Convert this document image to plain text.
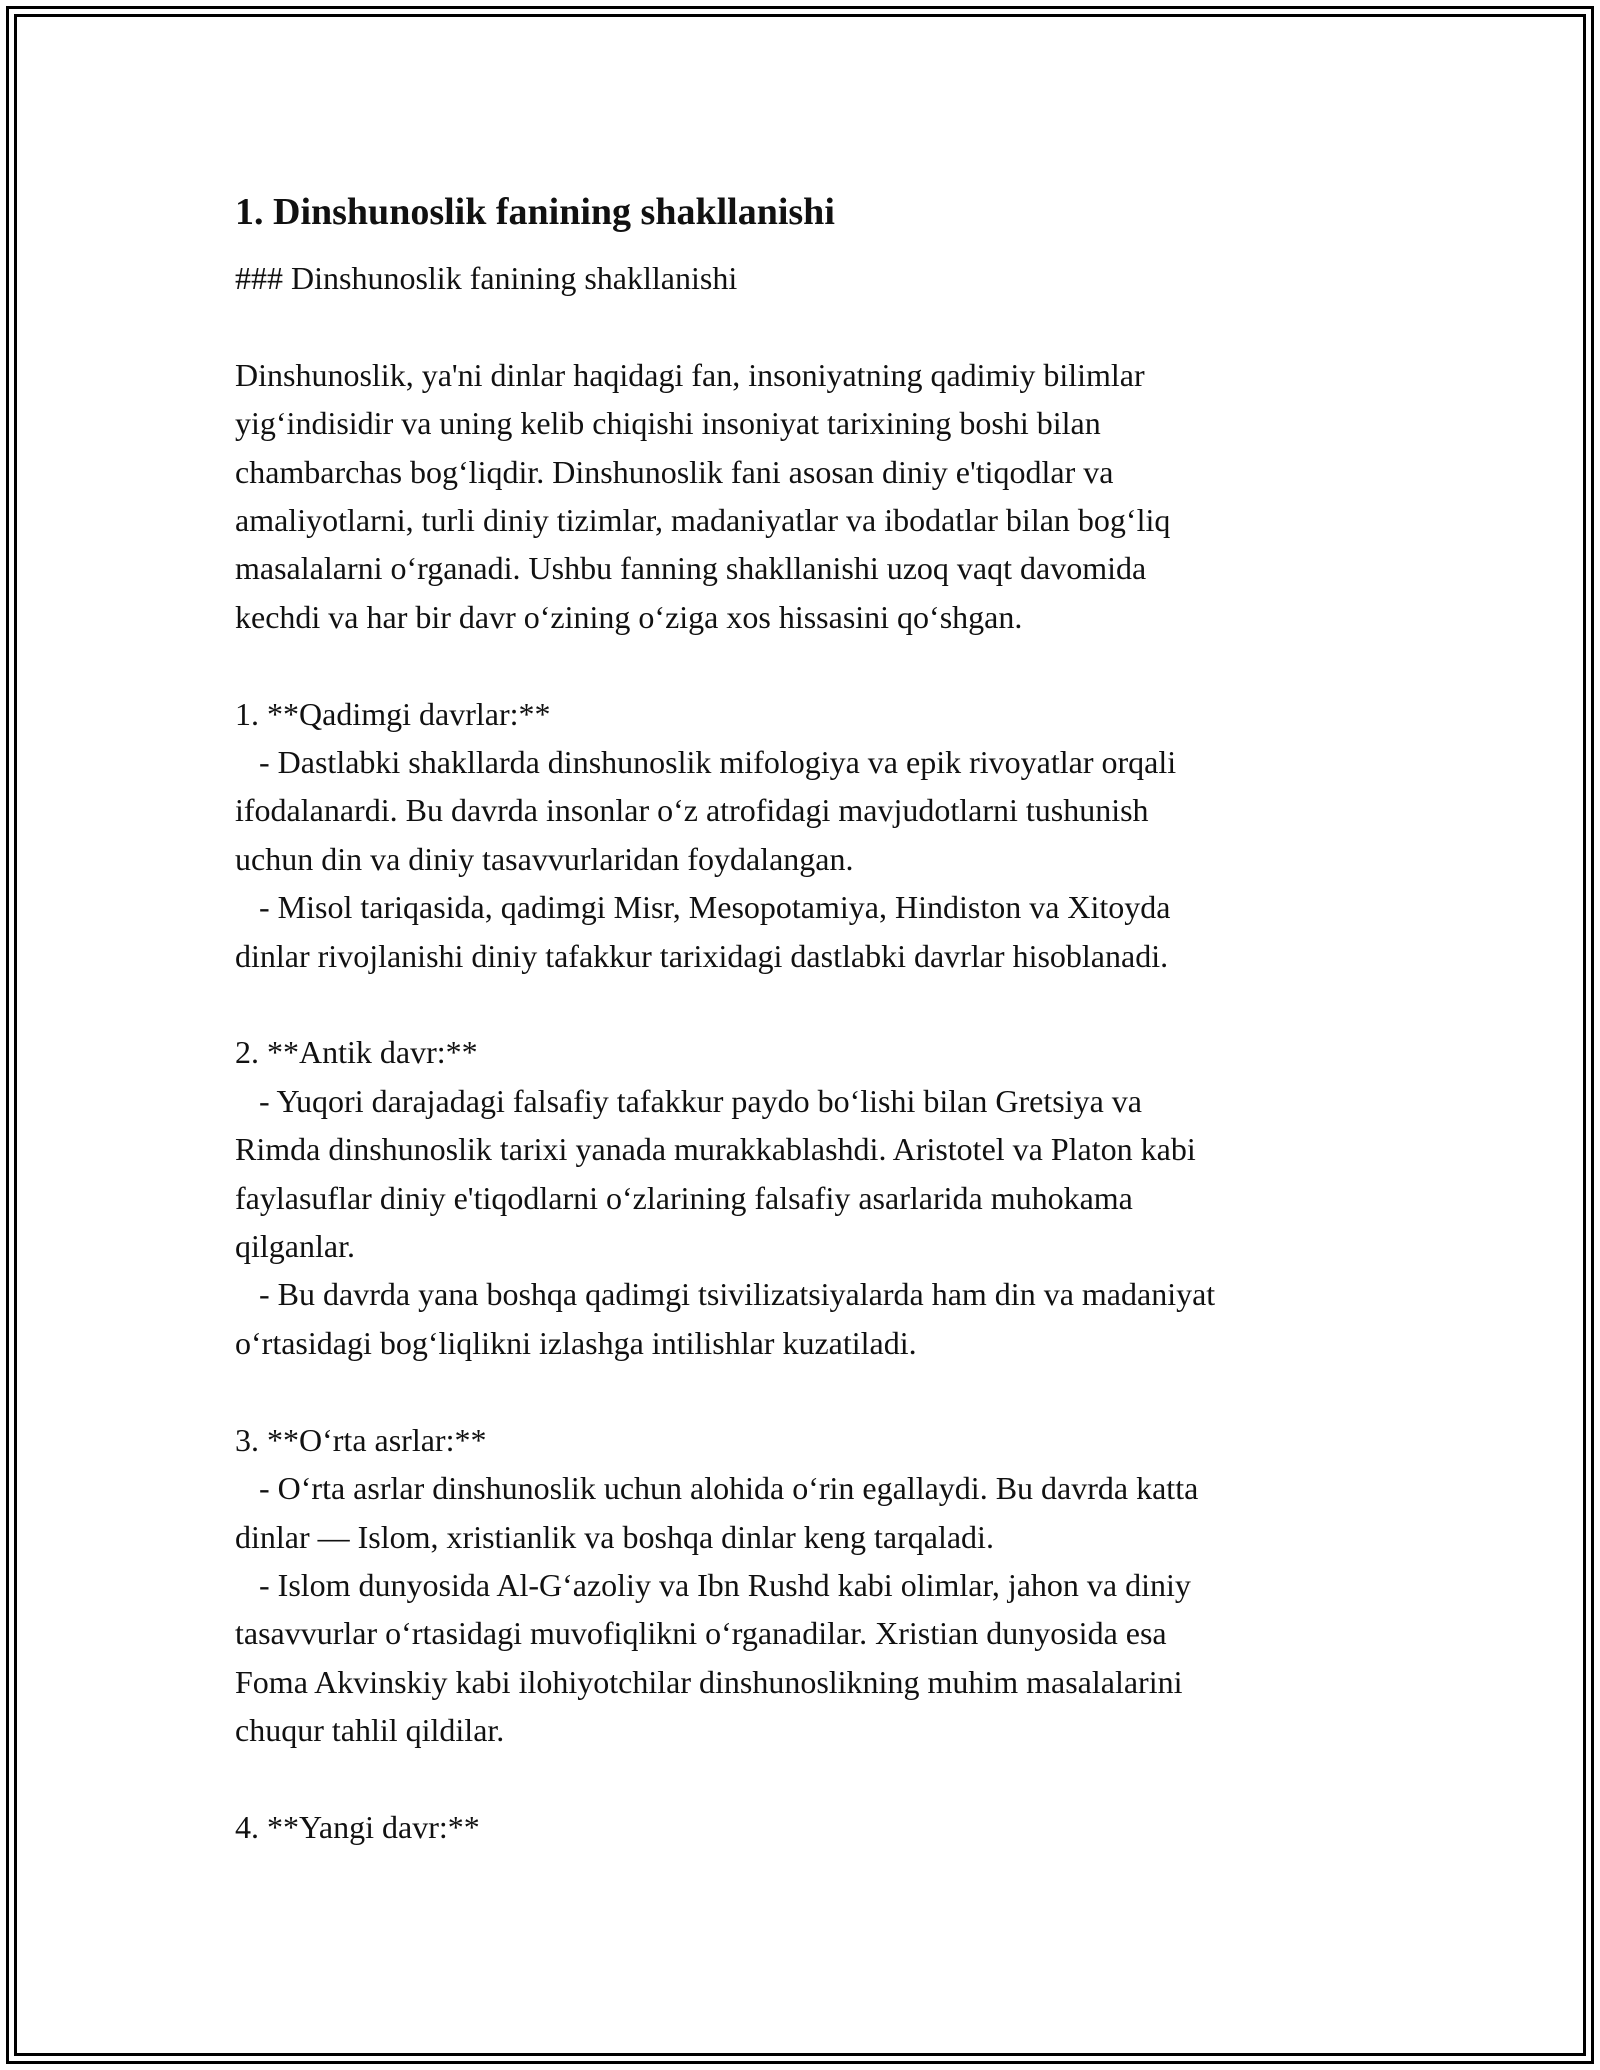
1. Dinshunoslik fanining shakllanishi

### Dinshunoslik fanining shakllanishi

Dinshunoslik, ya'ni dinlar haqidagi fan, insoniyatning qadimiy bilimlar

yig‘indisidir va uning kelib chiqishi insoniyat tarixining boshi bilan

chambarchas bog‘liqdir. Dinshunoslik fani asosan diniy e'tiqodlar va

amaliyotlarni, turli diniy tizimlar, madaniyatlar va ibodatlar bilan bog‘liq

masalalarni o‘rganadi. Ushbu fanning shakllanishi uzoq vaqt davomida

kechdi va har bir davr o‘zining o‘ziga xos hissasini qo‘shgan.

1. **Qadimgi davrlar:**

- Dastlabki shakllarda dinshunoslik mifologiya va epik rivoyatlar orqali

ifodalanardi. Bu davrda insonlar o‘z atrofidagi mavjudotlarni tushunish

uchun din va diniy tasavvurlaridan foydalangan.

- Misol tariqasida, qadimgi Misr, Mesopotamiya, Hindiston va Xitoyda

dinlar rivojlanishi diniy tafakkur tarixidagi dastlabki davrlar hisoblanadi.

2. **Antik davr:**

- Yuqori darajadagi falsafiy tafakkur paydo bo‘lishi bilan Gretsiya va

Rimda dinshunoslik tarixi yanada murakkablashdi. Aristotel va Platon kabi

faylasuflar diniy e'tiqodlarni o‘zlarining falsafiy asarlarida muhokama

qilganlar.

- Bu davrda yana boshqa qadimgi tsivilizatsiyalarda ham din va madaniyat

o‘rtasidagi bog‘liqlikni izlashga intilishlar kuzatiladi.

3. **O‘rta asrlar:**

- O‘rta asrlar dinshunoslik uchun alohida o‘rin egallaydi. Bu davrda katta

dinlar — Islom, xristianlik va boshqa dinlar keng tarqaladi.

- Islom dunyosida Al-G‘azoliy va Ibn Rushd kabi olimlar, jahon va diniy

tasavvurlar o‘rtasidagi muvofiqlikni o‘rganadilar. Xristian dunyosida esa

Foma Akvinskiy kabi ilohiyotchilar dinshunoslikning muhim masalalarini

chuqur tahlil qildilar.

4. **Yangi davr:**
